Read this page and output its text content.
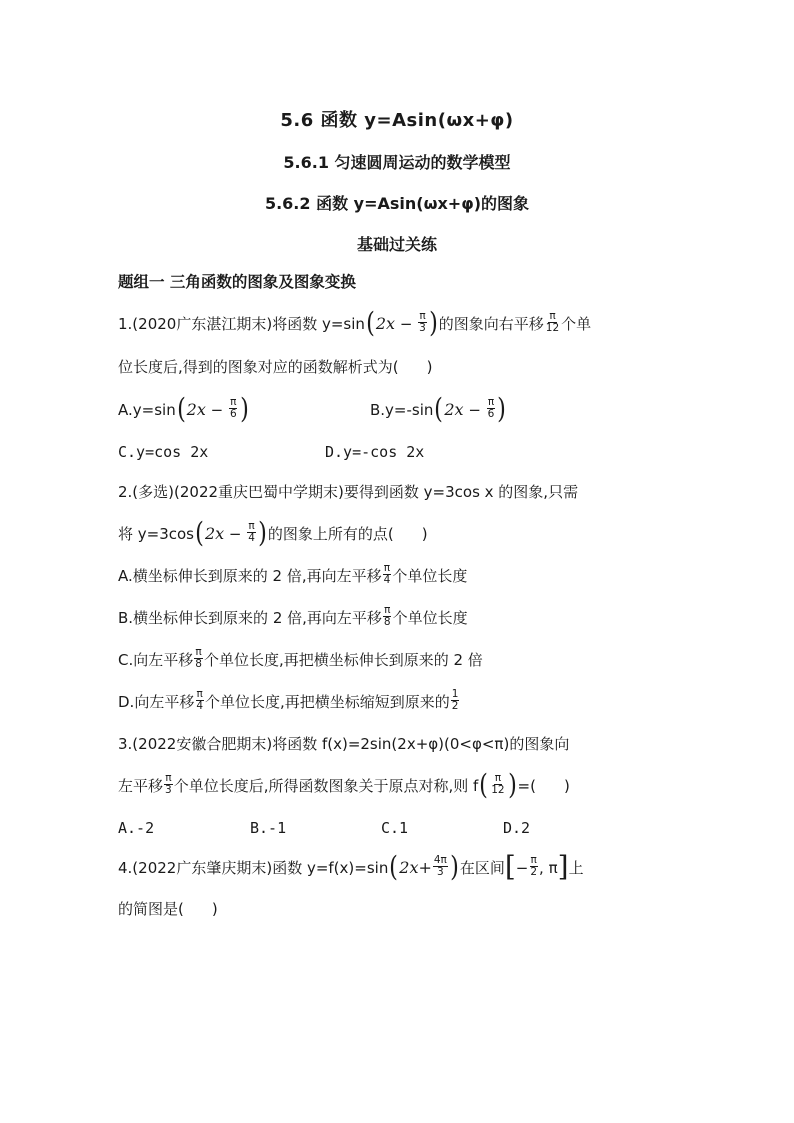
5.6 函数 y=Asin(ωx+φ)
5.6.1 匀速圆周运动的数学模型
5.6.2 函数 y=Asin(ωx+φ)的图象
基础过关练
题组一 三角函数的图象及图象变换
1.(2020广东湛江期末)将函数 $y=\sin(2x - \frac{\pi}{3}$ )的图象向右平移 $\frac{\pi}{12}$ 个单
位长度后,得到的图象对应的函数解析式为( )
$A.y=\sin(2x - \frac{\pi}{6}$ )	$B.y=-\sin(2x - \frac{\pi}{6}$ )
C.y=cos 2x	D.y=-cos 2x
2.(多选)(2022重庆巴蜀中学期末)要得到函数 y=3cos x 的图象,只需
将 $y=3\cos(2x - \frac{\pi}{4}$ )的图象上所有的点( )
A.横坐标伸长到原来的 2 倍,再向左平移 $\frac{\pi}{4}$ 个单位长度
B.横坐标伸长到原来的 2 倍,再向左平移 $\frac{\pi}{8}$ 个单位长度
C.向左平移 $\frac{\pi}{8}$ 个单位长度,再把横坐标伸长到原来的 2 倍
D.向左平移 $\frac{\pi}{4}$ 个单位长度,再把横坐标缩短到原来的 $\frac{1}{2}$
3.(2022安徽合肥期末)将函数 f(x)=2sin(2x+φ)(0<φ<π)的图象向
左平移 $\frac{\pi}{3}$ 个单位长度后,所得函数图象关于原点对称,则 $f( \frac{\pi}{12}$ )=( )
A.-2	B.-1	C.1	D.2
4.(2022广东肇庆期末)函数 $y=f(x)=\sin(2x+ \frac{4\pi}{3}$ )在区间[− $\frac{\pi}{2}$ , π]上
的简图是( )
